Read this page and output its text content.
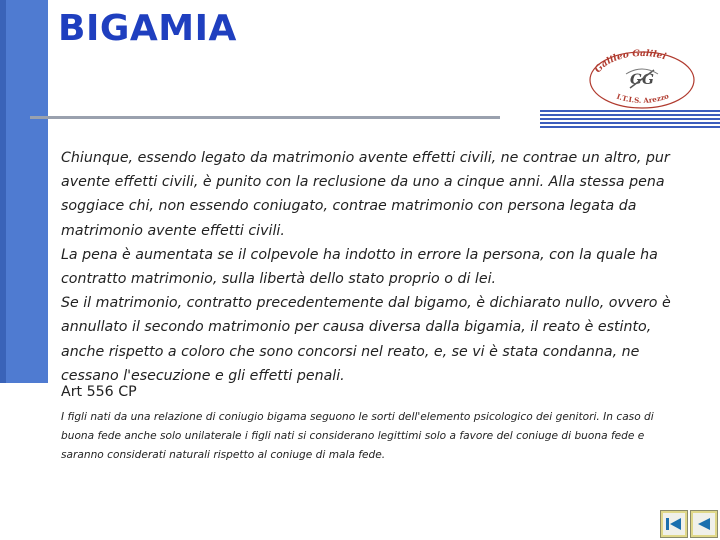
BIGAMIA
Galileo Galilei
I.T.I.S. Arezzo
GG

Chiunque, essendo legato da matrimonio avente effetti civili, ne contrae un altro, pur avente effetti civili, è punito con la reclusione da uno a cinque anni. Alla stessa pena soggiace chi, non essendo coniugato, contrae matrimonio con persona legata da matrimonio avente effetti civili.

La pena è aumentata se il colpevole ha indotto in errore la persona, con la quale ha contratto matrimonio, sulla libertà dello stato proprio o di lei.

Se il matrimonio, contratto precedentemente dal bigamo, è dichiarato nullo, ovvero è annullato il secondo matrimonio per causa diversa dalla bigamia, il reato è estinto, anche rispetto a coloro che sono concorsi nel reato, e, se vi è stata condanna, ne cessano l'esecuzione e gli effetti penali.

Art 556 CP

I figli nati da una relazione di coniugio bigama seguono le sorti dell'elemento psicologico dei genitori. In caso di buona fede anche solo unilaterale i figli nati si considerano legittimi solo a favore del coniuge di buona fede e saranno considerati naturali rispetto al coniuge di mala fede.
